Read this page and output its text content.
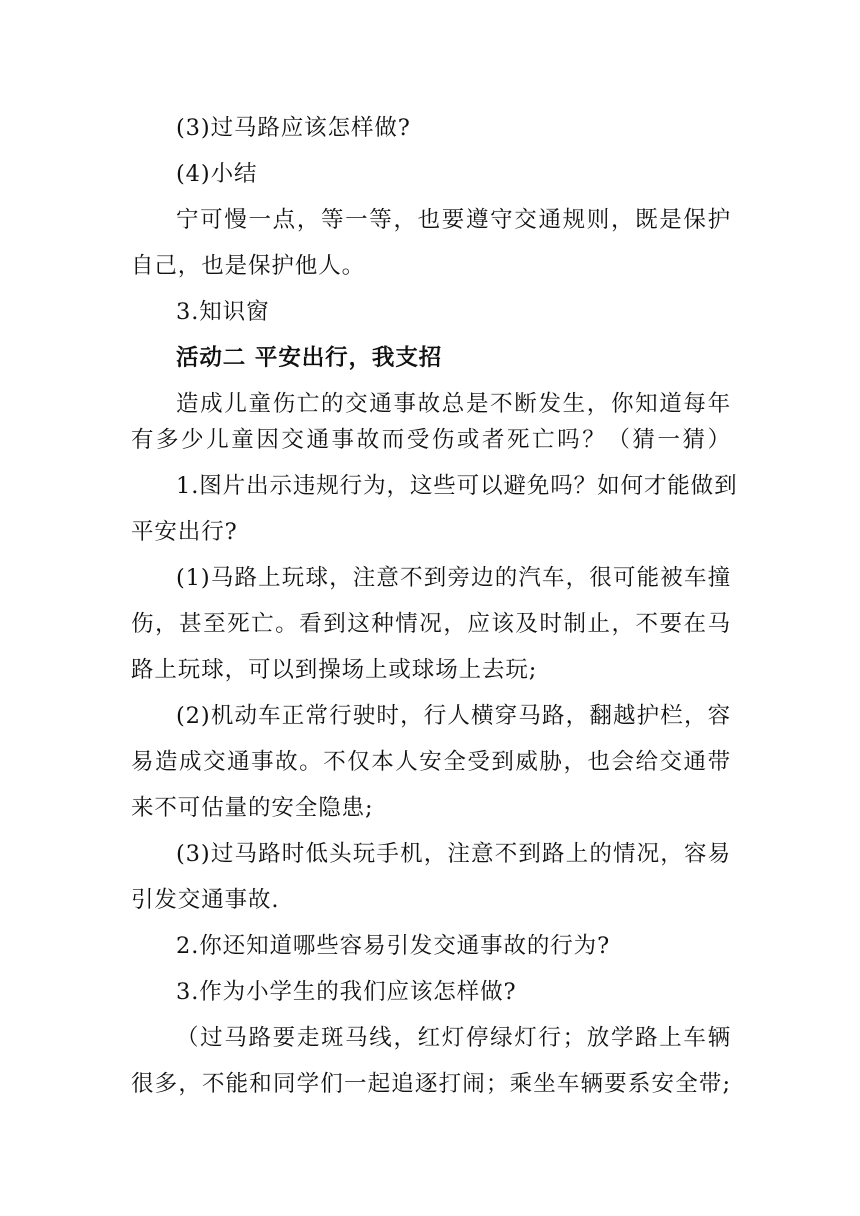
(3)过马路应该怎样做?
(4)小结
宁可慢一点，等一等，也要遵守交通规则，既是保护
自己，也是保护他人。
3.知识窗
活动二 平安出行，我支招
造成儿童伤亡的交通事故总是不断发生，你知道每年
有多少儿童因交通事故而受伤或者死亡吗？（猜一猜）
1.图片出示违规行为，这些可以避免吗？如何才能做到
平安出行?
(1)马路上玩球，注意不到旁边的汽车，很可能被车撞
伤，甚至死亡。看到这种情况，应该及时制止，不要在马
路上玩球，可以到操场上或球场上去玩;
(2)机动车正常行驶时，行人横穿马路，翻越护栏，容
易造成交通事故。不仅本人安全受到威胁，也会给交通带
来不可估量的安全隐患;
(3)过马路时低头玩手机，注意不到路上的情况，容易
引发交通事故.
2.你还知道哪些容易引发交通事故的行为?
3.作为小学生的我们应该怎样做?
（过马路要走斑马线，红灯停绿灯行；放学路上车辆
很多，不能和同学们一起追逐打闹；乘坐车辆要系安全带;
